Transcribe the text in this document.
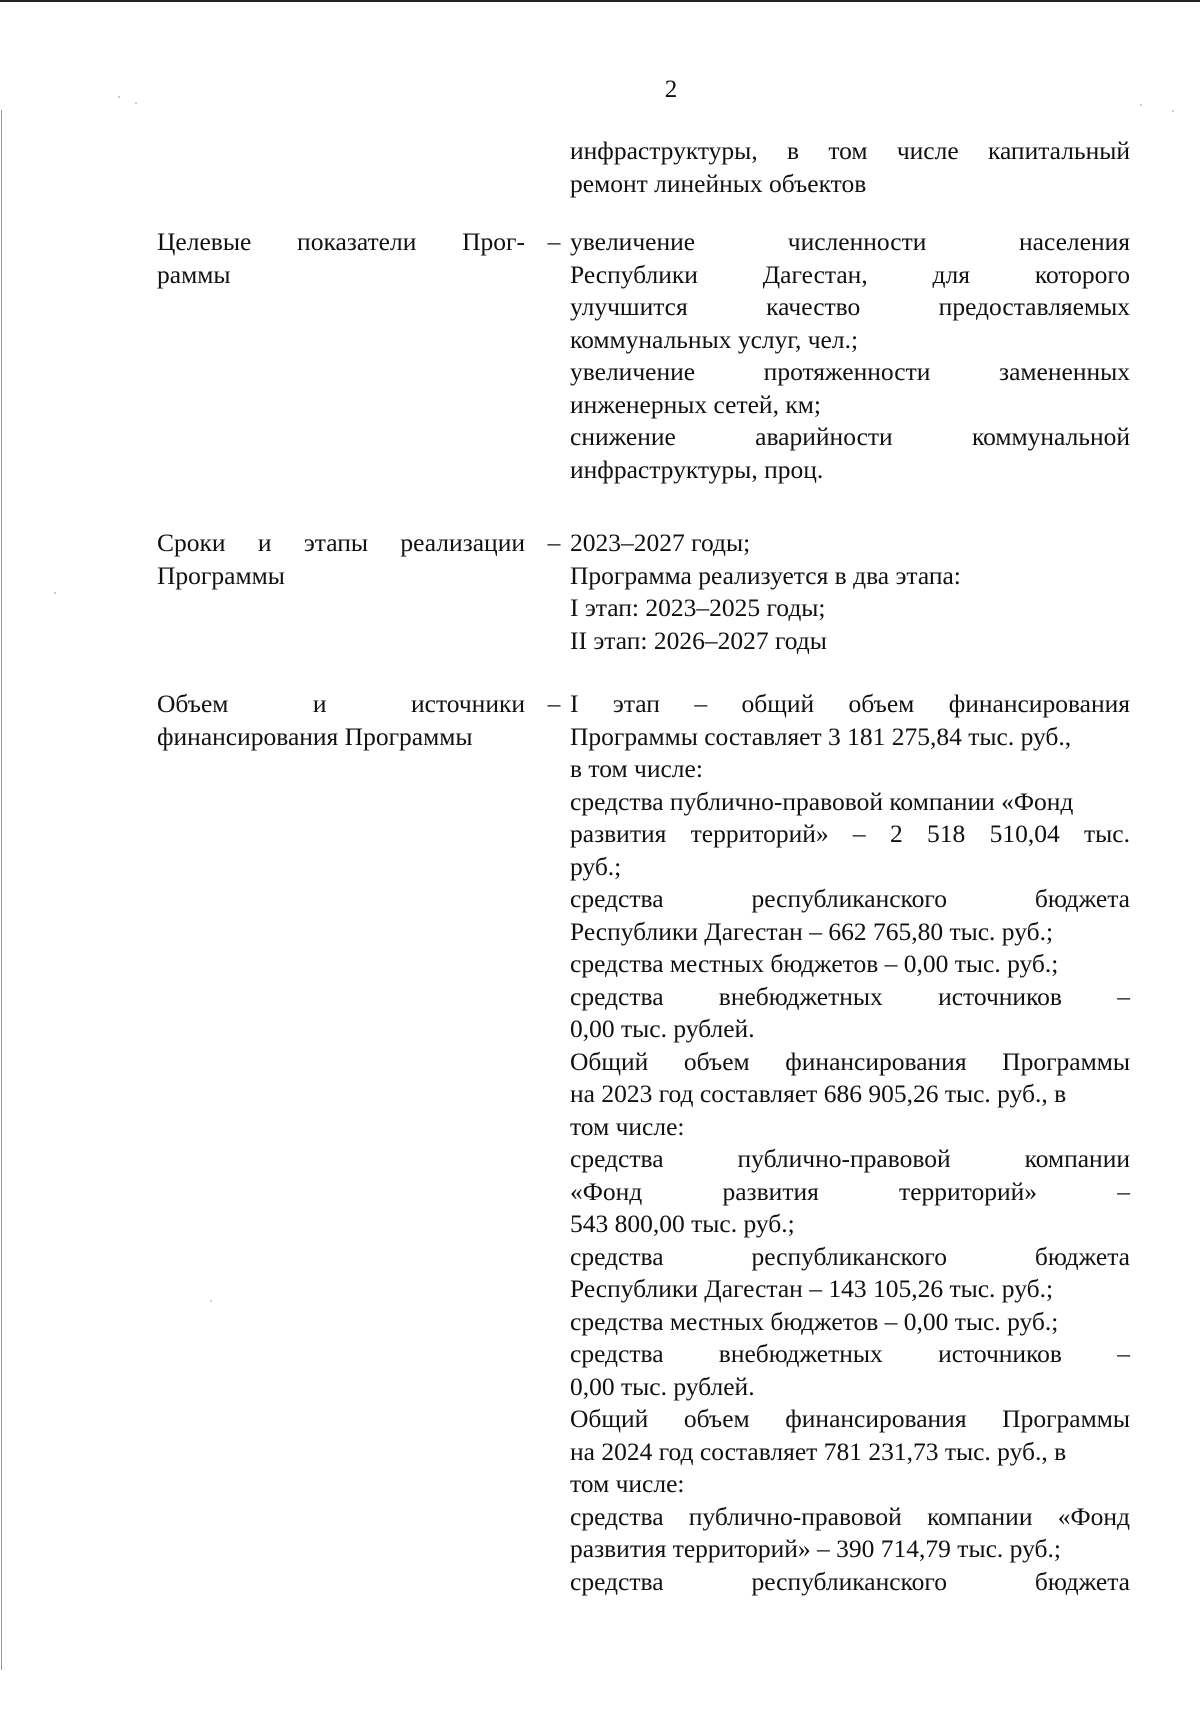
2
инфраструктуры, в том числе капитальный
ремонт линейных объектов
Целевые показатели Прог-
раммы
– увеличение численности населения
Республики Дагестан, для которого
улучшится качество предоставляемых
коммунальных услуг, чел.;
увеличение протяженности замененных
инженерных сетей, км;
снижение аварийности коммунальной
инфраструктуры, проц.
Сроки и этапы реализации
Программы
– 2023–2027 годы;
Программа реализуется в два этапа:
I этап: 2023–2025 годы;
II этап: 2026–2027 годы
Объем и источники
финансирования Программы
– I этап – общий объем финансирования
Программы составляет 3 181 275,84 тыс. руб.,
в том числе:
средства публично-правовой компании «Фонд
развития территорий» – 2 518 510,04 тыс.
руб.;
средства республиканского бюджета
Республики Дагестан – 662 765,80 тыс. руб.;
средства местных бюджетов – 0,00 тыс. руб.;
средства внебюджетных источников –
0,00 тыс. рублей.
Общий объем финансирования Программы
на 2023 год составляет 686 905,26 тыс. руб., в
том числе:
средства публично-правовой компании
«Фонд развития территорий» –
543 800,00 тыс. руб.;
средства республиканского бюджета
Республики Дагестан – 143 105,26 тыс. руб.;
средства местных бюджетов – 0,00 тыс. руб.;
средства внебюджетных источников –
0,00 тыс. рублей.
Общий объем финансирования Программы
на 2024 год составляет 781 231,73 тыс. руб., в
том числе:
средства публично-правовой компании «Фонд
развития территорий» – 390 714,79 тыс. руб.;
средства республиканского бюджета
